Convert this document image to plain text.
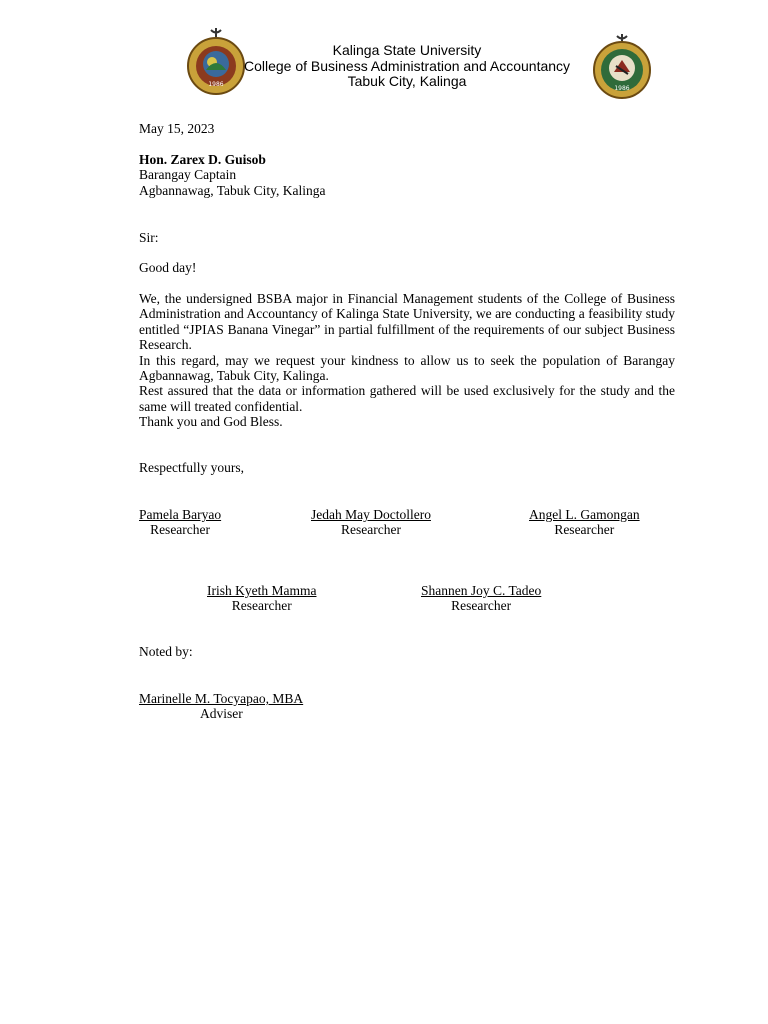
1986
Kalinga State University
College of Business Administration and Accountancy
Tabuk City, Kalinga	1986
May 15, 2023
Hon. Zarex D. Guisob
Barangay Captain
Agbannawag, Tabuk City, Kalinga
Sir:
Good day!

We, the undersigned BSBA major in Financial Management students of the College of Business Administration and Accountancy of Kalinga State University, we are conducting a feasibility study entitled “JPIAS Banana Vinegar” in partial fulfillment of the requirements of our subject Business Research.

In this regard, may we request your kindness to allow us to seek the population of Barangay Agbannawag, Tabuk City, Kalinga.

Rest assured that the data or information gathered will be used exclusively for the study and the same will treated confidential.

Thank you and God Bless.

Respectfully yours,
Pamela Baryao
Researcher
Jedah May Doctollero
Researcher
Angel L. Gamongan
Researcher
Irish Kyeth Mamma
Researcher
Shannen Joy C. Tadeo
Researcher
Noted by:
Marinelle M. Tocyapao, MBA
Adviser
